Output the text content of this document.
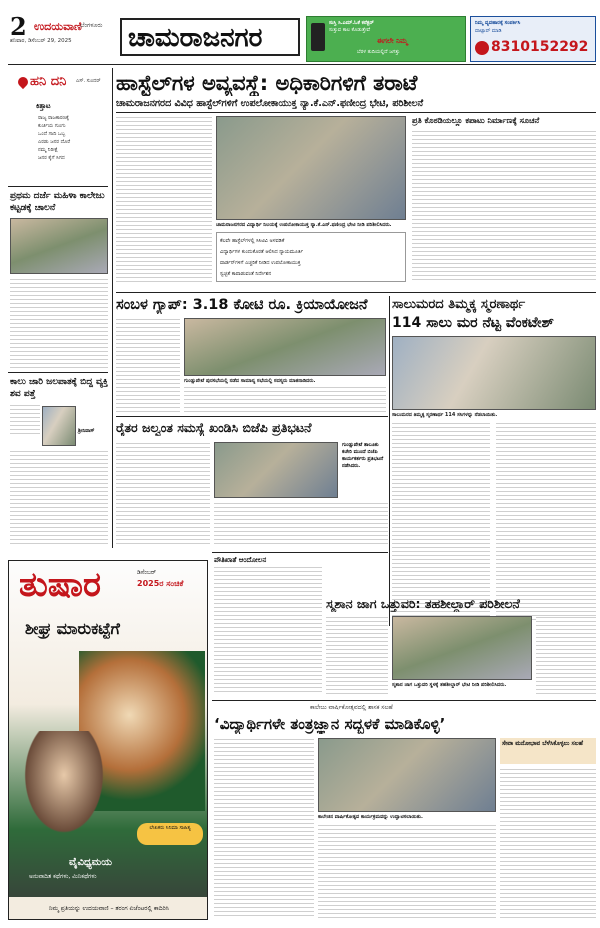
2 ಉದಯವಾಣಿ
ಬೆಂಗಳೂರು
ಶನಿವಾರ, ಡಿಸೆಂಬರ್ 29, 2025	ಚಾಮರಾಜನಗರ	ಸುಸ್ತಿ ಸಿ.ಎಮ್.ಓಕೆ ಕನೆಕ್ಟರ್
ಸುತ್ತುವ ಕಾಲ ಕೊಡುತ್ತೇವೆ
ಈಗಲೇ ನಿಮ್ಮ
ಬೆರಳ ತುದಿಯಲ್ಲಿದೆ ಜಗತ್ತು
ನಿಮ್ಮ ವ್ಯವಹಾರಕ್ಕೆ ಸಂಪರ್ಕಿಸಿ
ವಾಟ್ಸಾಪ್ ಮಾಡಿ
8310152292
ಹನಿ ದನಿ ಎಸ್. ಸುಂದರ್
ಕಿತ್ತಾಟ
ರಾಜ್ಯ ರಾಜಕಾರಣಕ್ಕೆ
ಕುರ್ಚಿಯ ಗುಂಗು
ಒಂದೆ ಗಾದಿ ಒಬ್ಬ
ಎರಡು ಜನರ ದೊರೆ
ನಮ್ಮ ನಿರೀಕ್ಷೆ
ಜನರ ಕೈಗೆ ಸಿಗದ
ಪ್ರಥಮ ದರ್ಜೆ ಮಹಿಳಾ ಕಾಲೇಜು ಕಟ್ಟಡಕ್ಕೆ ಚಾಲನೆ
ಕಾಲು ಜಾರಿ ಜಲಪಾತಕ್ಕೆ ಬಿದ್ದ ವ್ಯಕ್ತಿ ಶವ ಪತ್ತೆ
ಶ್ರೀನಿವಾಸ್
ಹಾಸ್ಟೆಲ್‌ಗಳ ಅವ್ಯವಸ್ಥೆ: ಅಧಿಕಾರಿಗಳಿಗೆ ತರಾಟೆ
ಚಾಮರಾಜನಗರದ ವಿವಿಧ ಹಾಸ್ಟೆಲ್‌ಗಳಿಗೆ ಉಪಲೋಕಾಯುಕ್ತ ನ್ಯಾ.ಕೆ.ಎನ್.ಫಣೀಂದ್ರ ಭೇಟಿ, ಪರಿಶೀಲನೆ
ಚಾಮರಾಜನಗರದ ವಿದ್ಯಾರ್ಥಿ ನಿಲಯಕ್ಕೆ ಉಪಲೋಕಾಯುಕ್ತ ನ್ಯಾ.ಕೆ.ಎನ್.ಫಣೀಂದ್ರ ಭೇಟಿ ನೀಡಿ ಪರಿಶೀಲಿಸಿದರು.
ಕೆಲವೇ ಹಾಸ್ಟೆಲ್‌ಗಳಲ್ಲಿ ಸಿಸಿಟಿವಿ ಅಳವಡಿಕೆ
ವಿದ್ಯಾರ್ಥಿಗಳ ಕುಂದುಕೊರತೆ ಆಲಿಸಿದ ನ್ಯಾಯಮೂರ್ತಿ
ವಾರ್ಡನ್‌ಗಳಿಗೆ ಎಚ್ಚರಿಕೆ ನೀಡಿದ ಉಪಲೋಕಾಯುಕ್ತ
ಸ್ವಚ್ಛತೆ ಕಾಪಾಡುವಂತೆ ನಿರ್ದೇಶನ
ಪ್ರತಿ ಕೊಠಡಿಯಲ್ಲೂ ಕಪಾಟು ನಿರ್ಮಾಣಕ್ಕೆ ಸೂಚನೆ
ಸಂಬಳ ಗ್ಯಾಪ್: 3.18 ಕೋಟಿ ರೂ. ಕ್ರಿಯಾಯೋಜನೆ
ಗುಂಡ್ಲುಪೇಟೆ ಪುರಸಭೆಯಲ್ಲಿ ನಡೆದ ಸಾಮಾನ್ಯ ಸಭೆಯಲ್ಲಿ ಸದಸ್ಯರು ಮಾತನಾಡಿದರು.
ಸಾಲುಮರದ ತಿಮ್ಮಕ್ಕ ಸ್ಮರಣಾರ್ಥ
114 ಸಾಲು ಮರ ನೆಟ್ಟ ವೆಂಕಟೇಶ್
ಸಾಲುಮರದ ತಿಮ್ಮಕ್ಕ ಸ್ಮರಣಾರ್ಥ 114 ಸಸಿಗಳನ್ನು ನೆಡಲಾಯಿತು.
ರೈತರ ಜಲ್ವಂತ ಸಮಸ್ಯೆ ಖಂಡಿಸಿ ಬಿಜೆಪಿ ಪ್ರತಿಭಟನೆ
ಗುಂಡ್ಲುಪೇಟೆ ತಾಲೂಕು ಕಚೇರಿ ಮುಂದೆ ಬಿಜೆಪಿ ಕಾರ್ಯಕರ್ತರು ಪ್ರತಿಭಟನೆ ನಡೆಸಿದರು.
ತುಷಾರ	ಡಿಸೆಂಬರ್
2025ರ ಸಂಚಿಕೆ
ಶೀಘ್ರ ಮಾರುಕಟ್ಟೆಗೆ
ಲೇಖಕರು ಸಿನಿಮಾ ಸಾಹಿತ್ಯ
ವೈವಿಧ್ಯಮಯ
ಅನುವಾದಿತ ಕಥೆಗಳು, ಮಿನಿಕಥೆಗಳು
ನಿಮ್ಮ ಪ್ರತಿಯನ್ನು ಉದಯವಾಣಿ – ತರಂಗ ಏಜೆಂಟರಲ್ಲಿ ಕಾದಿರಿಸಿ
ಪೌತಿಖಾತೆ ಆಂದೋಲನ
ಸ್ಮಶಾನ ಜಾಗ ಒತ್ತುವರಿ: ತಹಶೀಲ್ದಾರ್ ಪರಿಶೀಲನೆ
ಸ್ಮಶಾನ ಜಾಗ ಒತ್ತುವರಿ ಸ್ಥಳಕ್ಕೆ ತಹಶೀಲ್ದಾರ್ ಭೇಟಿ ನೀಡಿ ಪರಿಶೀಲಿಸಿದರು.
ಕಾಲೇಜು ವಾರ್ಷಿಕೋತ್ಸವದಲ್ಲಿ ಶಾಸಕ ಸಲಹೆ
‘ವಿದ್ಯಾರ್ಥಿಗಳೇ ತಂತ್ರಜ್ಞಾನ ಸದ್ಬಳಕೆ ಮಾಡಿಕೊಳ್ಳಿ’
ಕಾಲೇಜಿನ ವಾರ್ಷಿಕೋತ್ಸವ ಕಾರ್ಯಕ್ರಮವನ್ನು ಉದ್ಘಾಟಿಸಲಾಯಿತು.
ಸೇವಾ ಮನೋಭಾವ ಬೆಳೆಸಿಕೊಳ್ಳಲು ಸಲಹೆ
